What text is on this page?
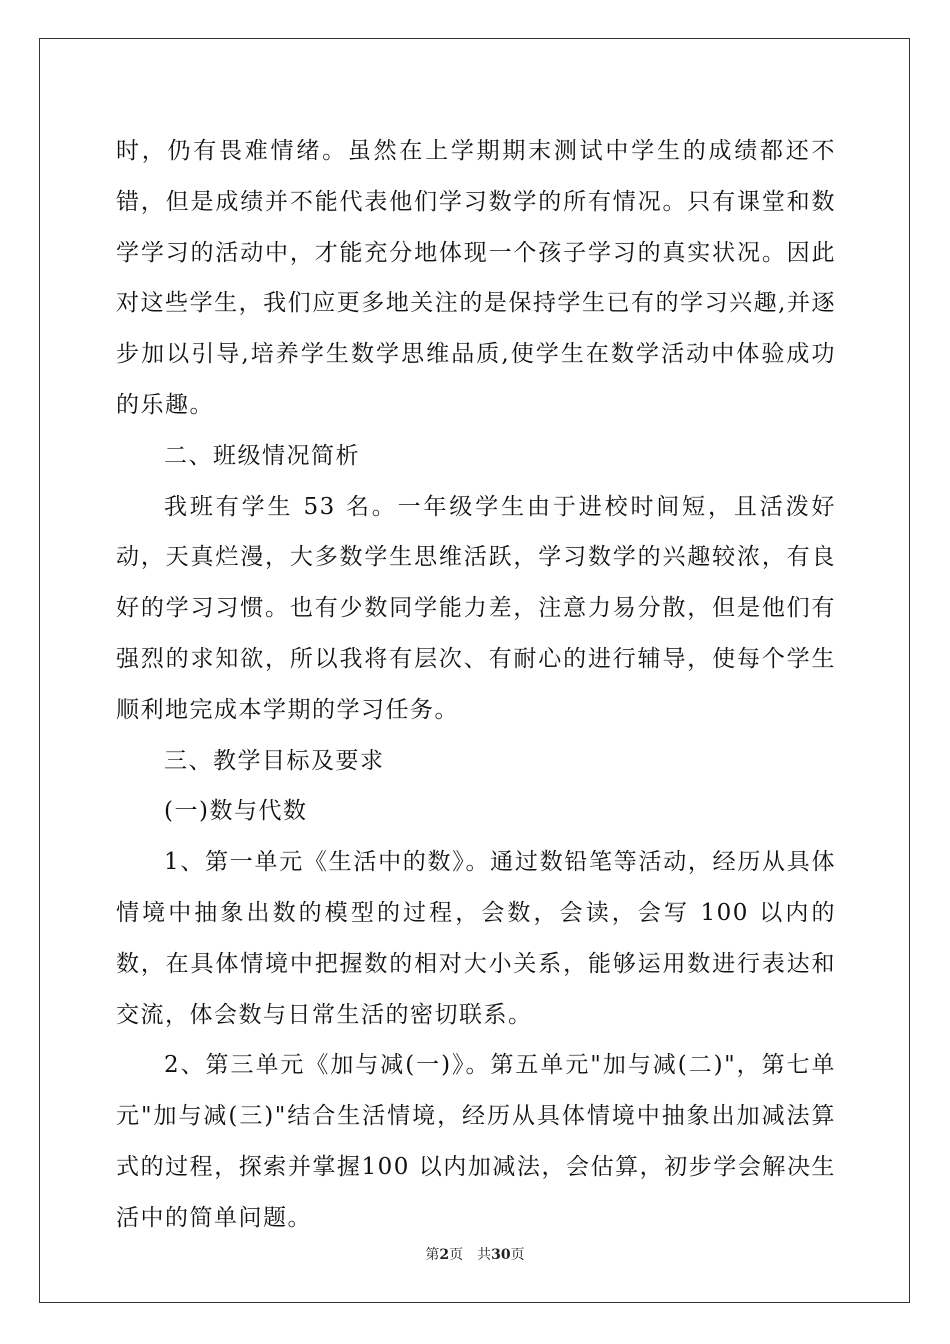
时，仍有畏难情绪。虽然在上学期期末测试中学生的成绩都还不错，但是成绩并不能代表他们学习数学的所有情况。只有课堂和数学学习的活动中，才能充分地体现一个孩子学习的真实状况。因此对这些学生，我们应更多地关注的是保持学生已有的学习兴趣,并逐步加以引导,培养学生数学思维品质,使学生在数学活动中体验成功的乐趣。

二、班级情况简析

我班有学生 53 名。一年级学生由于进校时间短，且活泼好动，天真烂漫，大多数学生思维活跃，学习数学的兴趣较浓，有良好的学习习惯。也有少数同学能力差，注意力易分散，但是他们有强烈的求知欲，所以我将有层次、有耐心的进行辅导，使每个学生顺利地完成本学期的学习任务。

三、教学目标及要求

(一)数与代数

1、第一单元《生活中的数》。通过数铅笔等活动，经历从具体情境中抽象出数的模型的过程，会数，会读，会写 100 以内的数，在具体情境中把握数的相对大小关系，能够运用数进行表达和交流，体会数与日常生活的密切联系。

2、第三单元《加与减(一)》。第五单元"加与减(二)"，第七单元"加与减(三)"结合生活情境，经历从具体情境中抽象出加减法算式的过程，探索并掌握100 以内加减法，会估算，初步学会解决生活中的简单问题。

第2页 共30页
